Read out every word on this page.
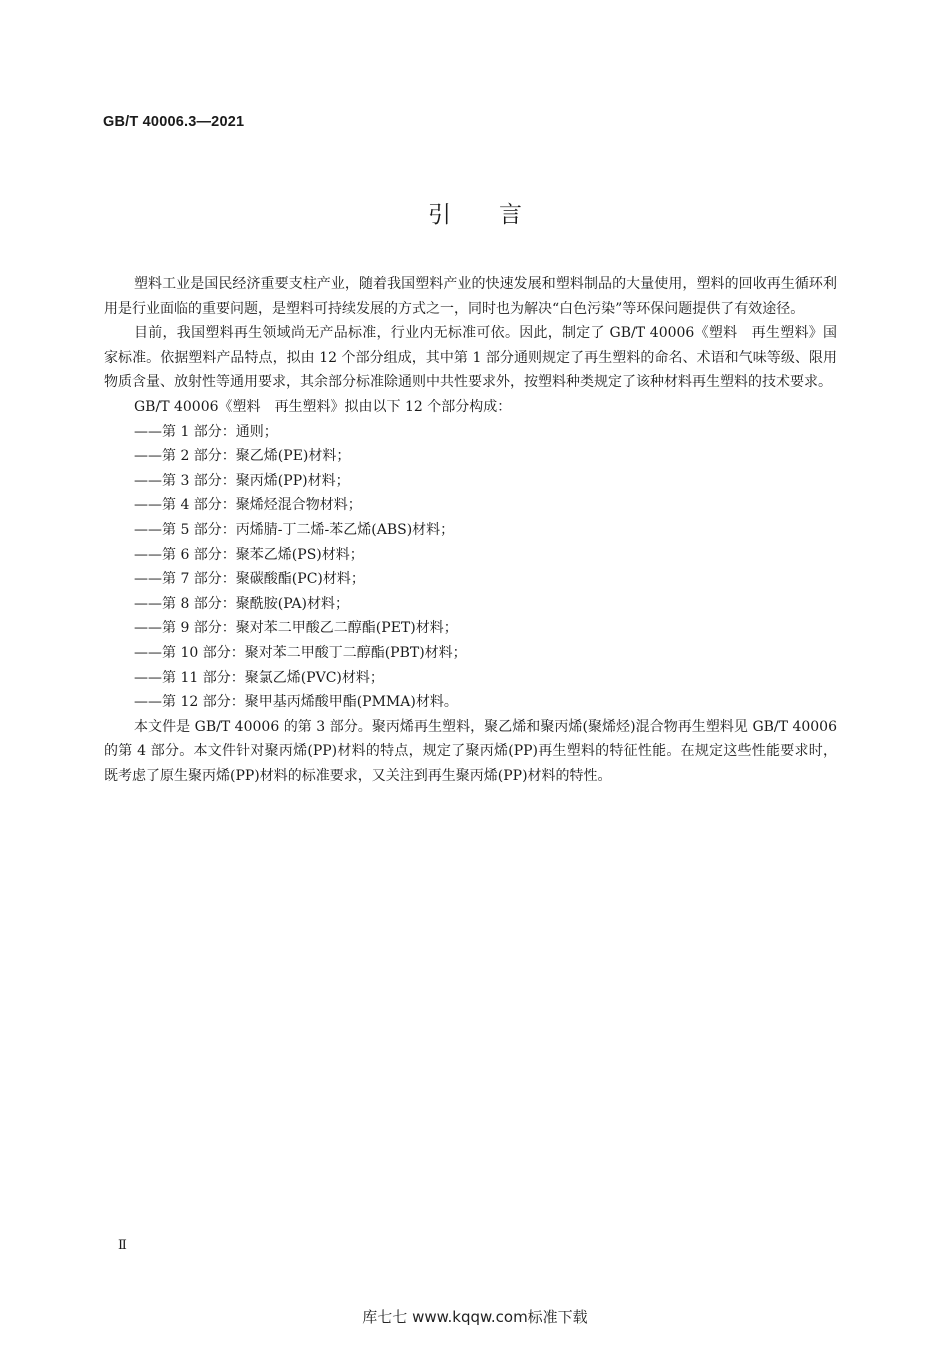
GB/T 40006.3—2021
引言

塑料工业是国民经济重要支柱产业，随着我国塑料产业的快速发展和塑料制品的大量使用，塑料的回收再生循环利用是行业面临的重要问题，是塑料可持续发展的方式之一，同时也为解决“白色污染”等环保问题提供了有效途径。

目前，我国塑料再生领域尚无产品标准，行业内无标准可依。因此，制定了 GB/T 40006《塑料　再生塑料》国家标准。依据塑料产品特点，拟由 12 个部分组成，其中第 1 部分通则规定了再生塑料的命名、术语和气味等级、限用物质含量、放射性等通用要求，其余部分标准除通则中共性要求外，按塑料种类规定了该种材料再生塑料的技术要求。

GB/T 40006《塑料　再生塑料》拟由以下 12 个部分构成：

——第 1 部分：通则；
——第 2 部分：聚乙烯(PE)材料；
——第 3 部分：聚丙烯(PP)材料；
——第 4 部分：聚烯烃混合物材料；
——第 5 部分：丙烯腈-丁二烯-苯乙烯(ABS)材料；
——第 6 部分：聚苯乙烯(PS)材料；
——第 7 部分：聚碳酸酯(PC)材料；
——第 8 部分：聚酰胺(PA)材料；
——第 9 部分：聚对苯二甲酸乙二醇酯(PET)材料；
——第 10 部分：聚对苯二甲酸丁二醇酯(PBT)材料；
——第 11 部分：聚氯乙烯(PVC)材料；
——第 12 部分：聚甲基丙烯酸甲酯(PMMA)材料。

本文件是 GB/T 40006 的第 3 部分。聚丙烯再生塑料，聚乙烯和聚丙烯(聚烯烃)混合物再生塑料见 GB/T 40006 的第 4 部分。本文件针对聚丙烯(PP)材料的特点，规定了聚丙烯(PP)再生塑料的特征性能。在规定这些性能要求时，既考虑了原生聚丙烯(PP)材料的标准要求，又关注到再生聚丙烯(PP)材料的特性。

Ⅱ
库七七 www.kqqw.com标准下载
